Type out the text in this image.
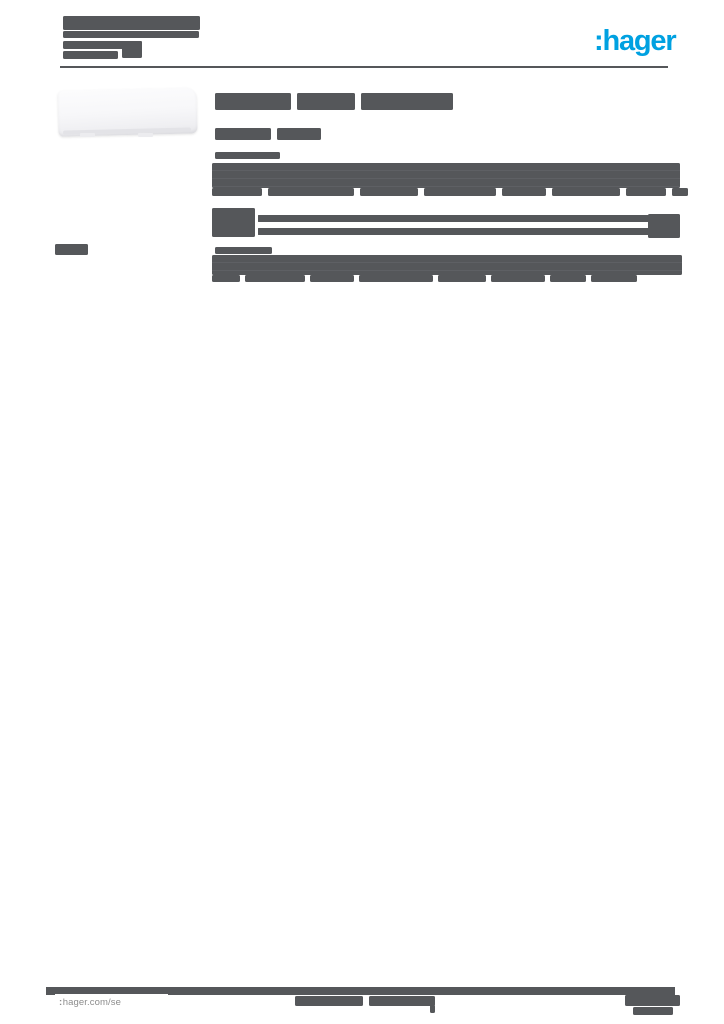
:hager
:hager.com/se
